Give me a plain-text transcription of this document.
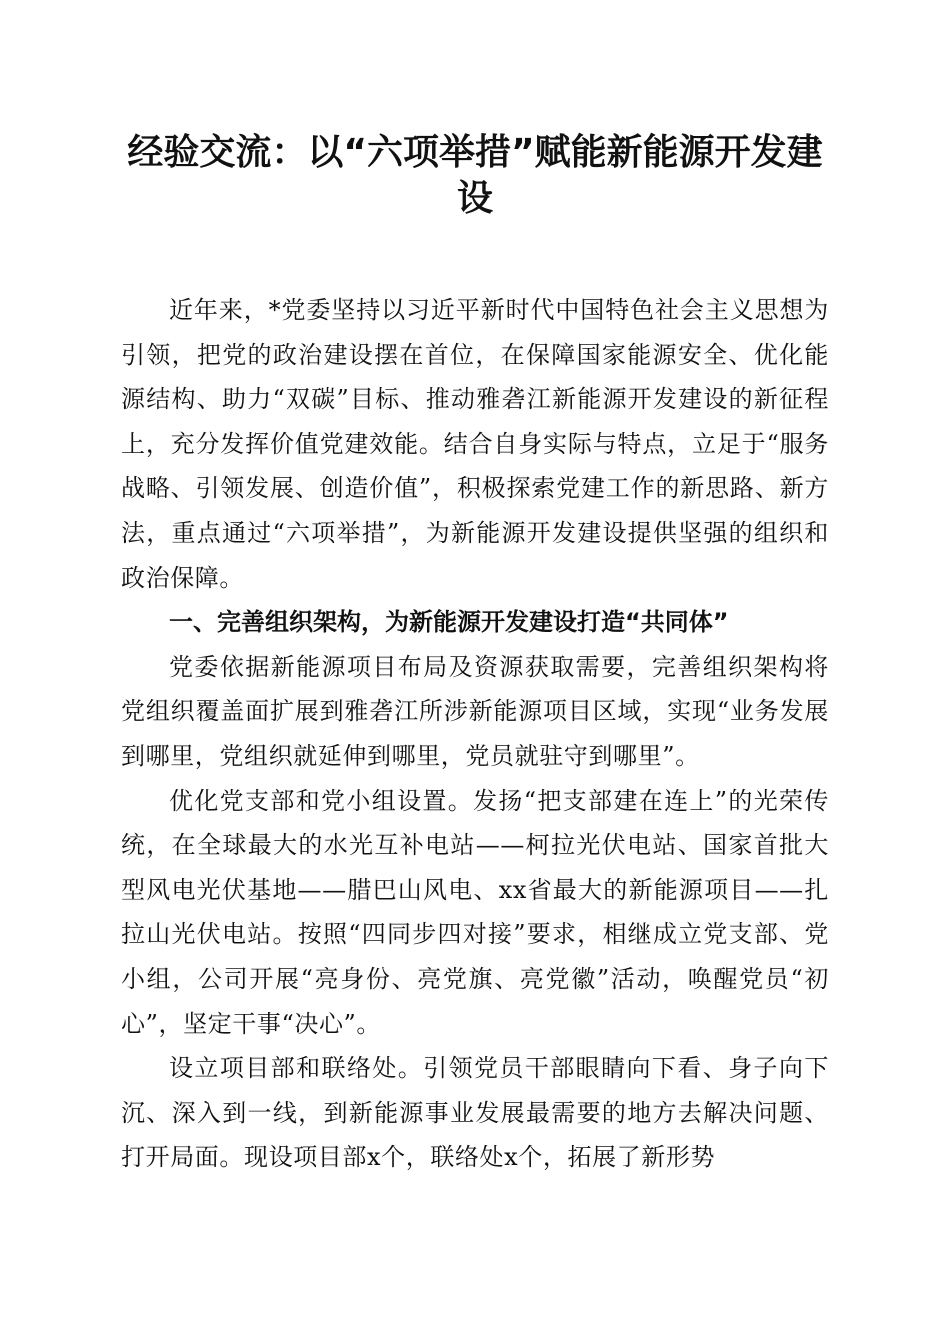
经验交流：以“六项举措”赋能新能源开发建设

近年来，*党委坚持以习近平新时代中国特色社会主义思想为引领，把党的政治建设摆在首位，在保障国家能源安全、优化能源结构、助力“双碳”目标、推动雅砻江新能源开发建设的新征程上，充分发挥价值党建效能。结合自身实际与特点，立足于“服务战略、引领发展、创造价值”，积极探索党建工作的新思路、新方法，重点通过“六项举措”，为新能源开发建设提供坚强的组织和政治保障。

一、完善组织架构，为新能源开发建设打造“共同体”

党委依据新能源项目布局及资源获取需要，完善组织架构将党组织覆盖面扩展到雅砻江所涉新能源项目区域，实现“业务发展到哪里，党组织就延伸到哪里，党员就驻守到哪里”。

优化党支部和党小组设置。发扬“把支部建在连上”的光荣传统，在全球最大的水光互补电站——柯拉光伏电站、国家首批大型风电光伏基地——腊巴山风电、xx省最大的新能源项目——扎拉山光伏电站。按照“四同步四对接”要求，相继成立党支部、党小组，公司开展“亮身份、亮党旗、亮党徽”活动，唤醒党员“初心”，坚定干事“决心”。

设立项目部和联络处。引领党员干部眼睛向下看、身子向下沉、深入到一线，到新能源事业发展最需要的地方去解决问题、打开局面。现设项目部x个，联络处x个，拓展了新形势
